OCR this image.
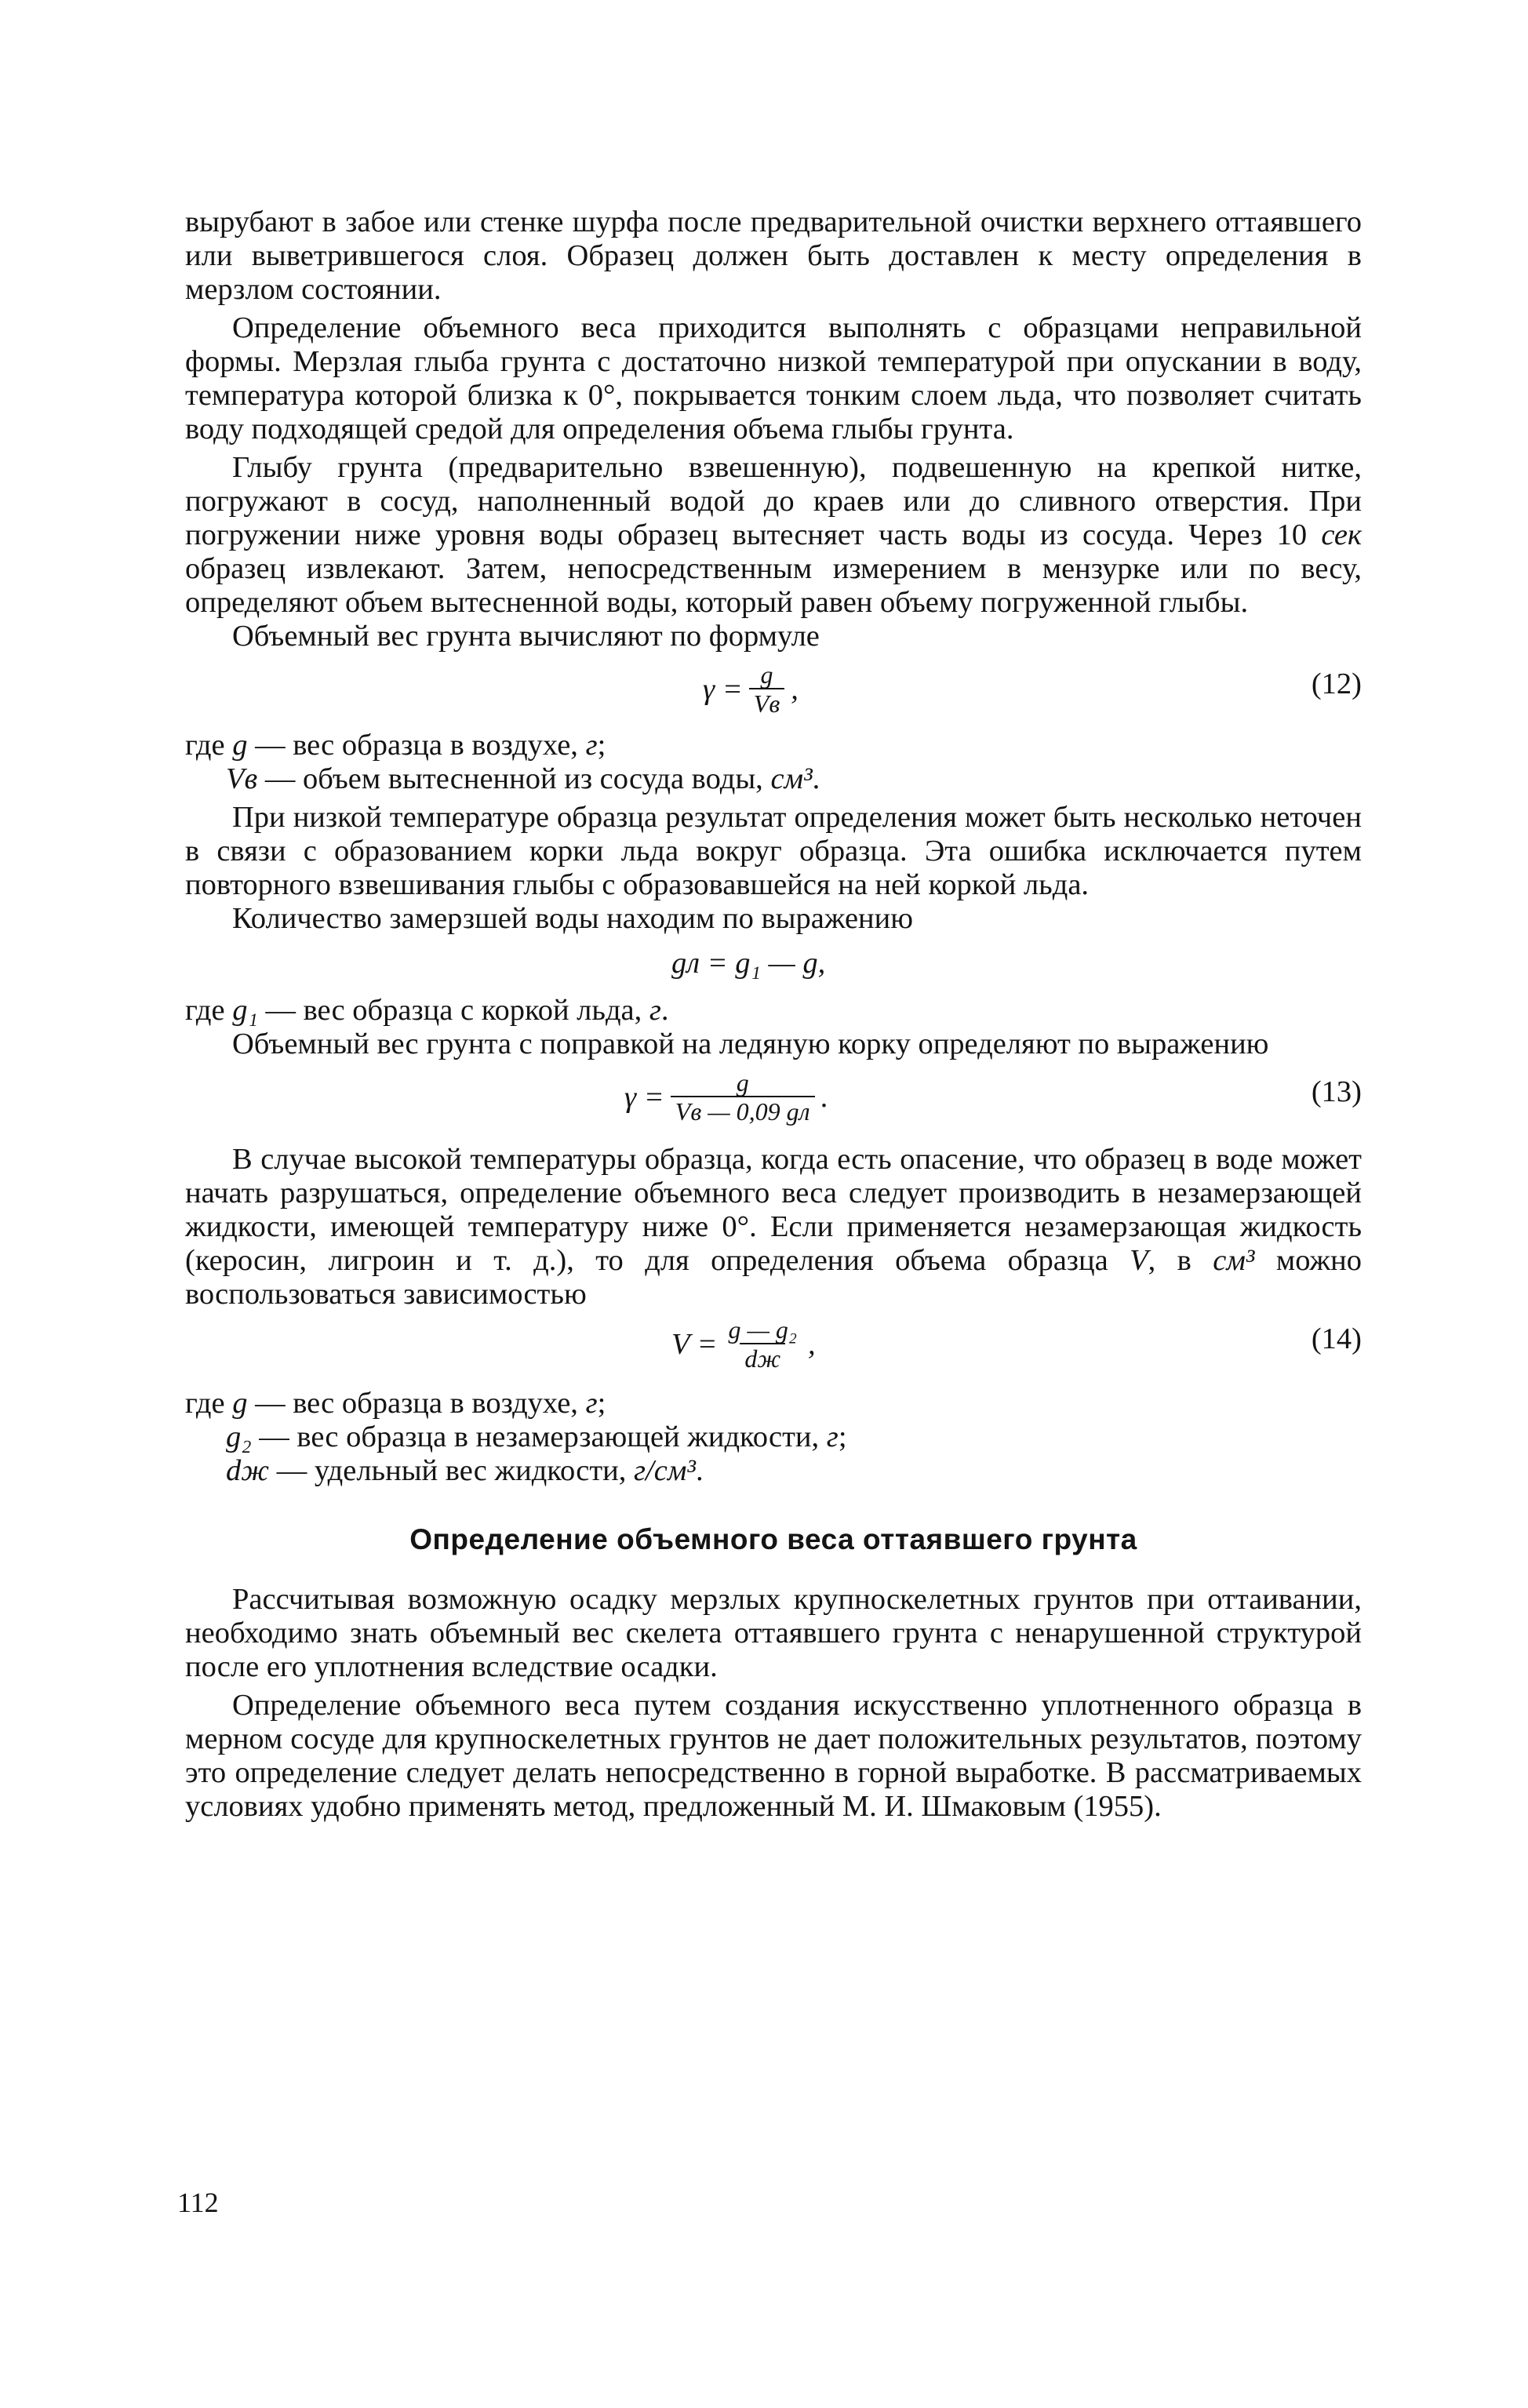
вырубают в забое или стенке шурфа после предварительной очистки верхнего оттаявшего или выветрившегося слоя. Образец должен быть доставлен к месту определения в мерзлом состоянии.

Определение объемного веса приходится выполнять с образцами неправильной формы. Мерзлая глыба грунта с достаточно низкой температурой при опускании в воду, температура которой близка к 0°, покрывается тонким слоем льда, что позволяет считать воду подходящей средой для определения объема глыбы грунта.

Глыбу грунта (предварительно взвешенную), подвешенную на крепкой нитке, погружают в сосуд, наполненный водой до краев или до сливного отверстия. При погружении ниже уровня воды образец вытесняет часть воды из сосуда. Через 10 сек образец извлекают. Затем, непосредственным измерением в мензурке или по весу, определяют объем вытесненной воды, который равен объему погруженной глыбы.

Объемный вес грунта вычисляют по формуле

$\gamma = \frac{g}{Vв}$ ,	(12)

где g — вес образца в воздухе, г;

Vв — объем вытесненной из сосуда воды, см³.

При низкой температуре образца результат определения может быть несколько неточен в связи с образованием корки льда вокруг образца. Эта ошибка исключается путем повторного взвешивания глыбы с образовавшейся на ней коркой льда.

Количество замерзшей воды находим по выражению

gл = g₁ — g,

где g₁ — вес образца с коркой льда, г.

Объемный вес грунта с поправкой на ледяную корку определяют по выражению

$\gamma = \frac{g}{Vв — 0,09 gл}$ .	(13)

В случае высокой температуры образца, когда есть опасение, что образец в воде может начать разрушаться, определение объемного веса следует производить в незамерзающей жидкости, имеющей температуру ниже 0°. Если применяется незамерзающая жидкость (керосин, лигроин и т. д.), то для определения объема образца V, в см³ можно воспользоваться зависимостью

$V = \frac{\text{g — g₂}}{dж}$ ,	(14)

где g — вес образца в воздухе, г;

g₂ — вес образца в незамерзающей жидкости, г;

dж — удельный вес жидкости, г/см³.

Определение объемного веса оттаявшего грунта

Рассчитывая возможную осадку мерзлых крупноскелетных грунтов при оттаивании, необходимо знать объемный вес скелета оттаявшего грунта с ненарушенной структурой после его уплотнения вследствие осадки.

Определение объемного веса путем создания искусственно уплотненного образца в мерном сосуде для крупноскелетных грунтов не дает положительных результатов, поэтому это определение следует делать непосредственно в горной выработке. В рассматриваемых условиях удобно применять метод, предложенный М. И. Шмаковым (1955).

112
